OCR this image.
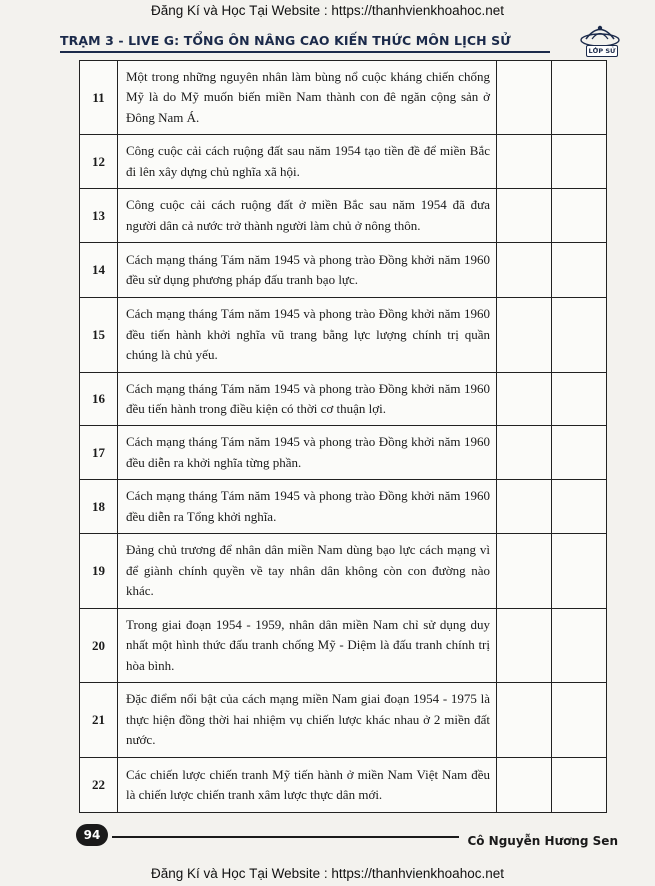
Đăng Kí và Học Tại Website : https://thanhvienkhoahoc.net
TRẠM 3 - LIVE G: TỔNG ÔN NÂNG CAO KIẾN THỨC MÔN LỊCH SỬ
LỚP SỬ
11	Một trong những nguyên nhân làm bùng nổ cuộc kháng chiến chống Mỹ là do Mỹ muốn biến miền Nam thành con đê ngăn cộng sản ở Đông Nam Á.		
12	Công cuộc cải cách ruộng đất sau năm 1954 tạo tiền đề để miền Bắc đi lên xây dựng chủ nghĩa xã hội.		
13	Công cuộc cải cách ruộng đất ở miền Bắc sau năm 1954 đã đưa người dân cả nước trở thành người làm chủ ở nông thôn.		
14	Cách mạng tháng Tám năm 1945 và phong trào Đồng khởi năm 1960 đều sử dụng phương pháp đấu tranh bạo lực.		
15	Cách mạng tháng Tám năm 1945 và phong trào Đồng khởi năm 1960 đều tiến hành khởi nghĩa vũ trang bằng lực lượng chính trị quần chúng là chủ yếu.		
16	Cách mạng tháng Tám năm 1945 và phong trào Đồng khởi năm 1960 đều tiến hành trong điều kiện có thời cơ thuận lợi.		
17	Cách mạng tháng Tám năm 1945 và phong trào Đồng khởi năm 1960 đều diễn ra khởi nghĩa từng phần.		
18	Cách mạng tháng Tám năm 1945 và phong trào Đồng khởi năm 1960 đều diễn ra Tổng khởi nghĩa.		
19	Đảng chủ trương để nhân dân miền Nam dùng bạo lực cách mạng vì để giành chính quyền về tay nhân dân không còn con đường nào khác.		
20	Trong giai đoạn 1954 - 1959, nhân dân miền Nam chỉ sử dụng duy nhất một hình thức đấu tranh chống Mỹ - Diệm là đấu tranh chính trị hòa bình.		
21	Đặc điểm nổi bật của cách mạng miền Nam giai đoạn 1954 - 1975 là thực hiện đồng thời hai nhiệm vụ chiến lược khác nhau ở 2 miền đất nước.		
22	Các chiến lược chiến tranh Mỹ tiến hành ở miền Nam Việt Nam đều là chiến lược chiến tranh xâm lược thực dân mới.		
94	Cô Nguyễn Hương Sen
Đăng Kí và Học Tại Website : https://thanhvienkhoahoc.net
